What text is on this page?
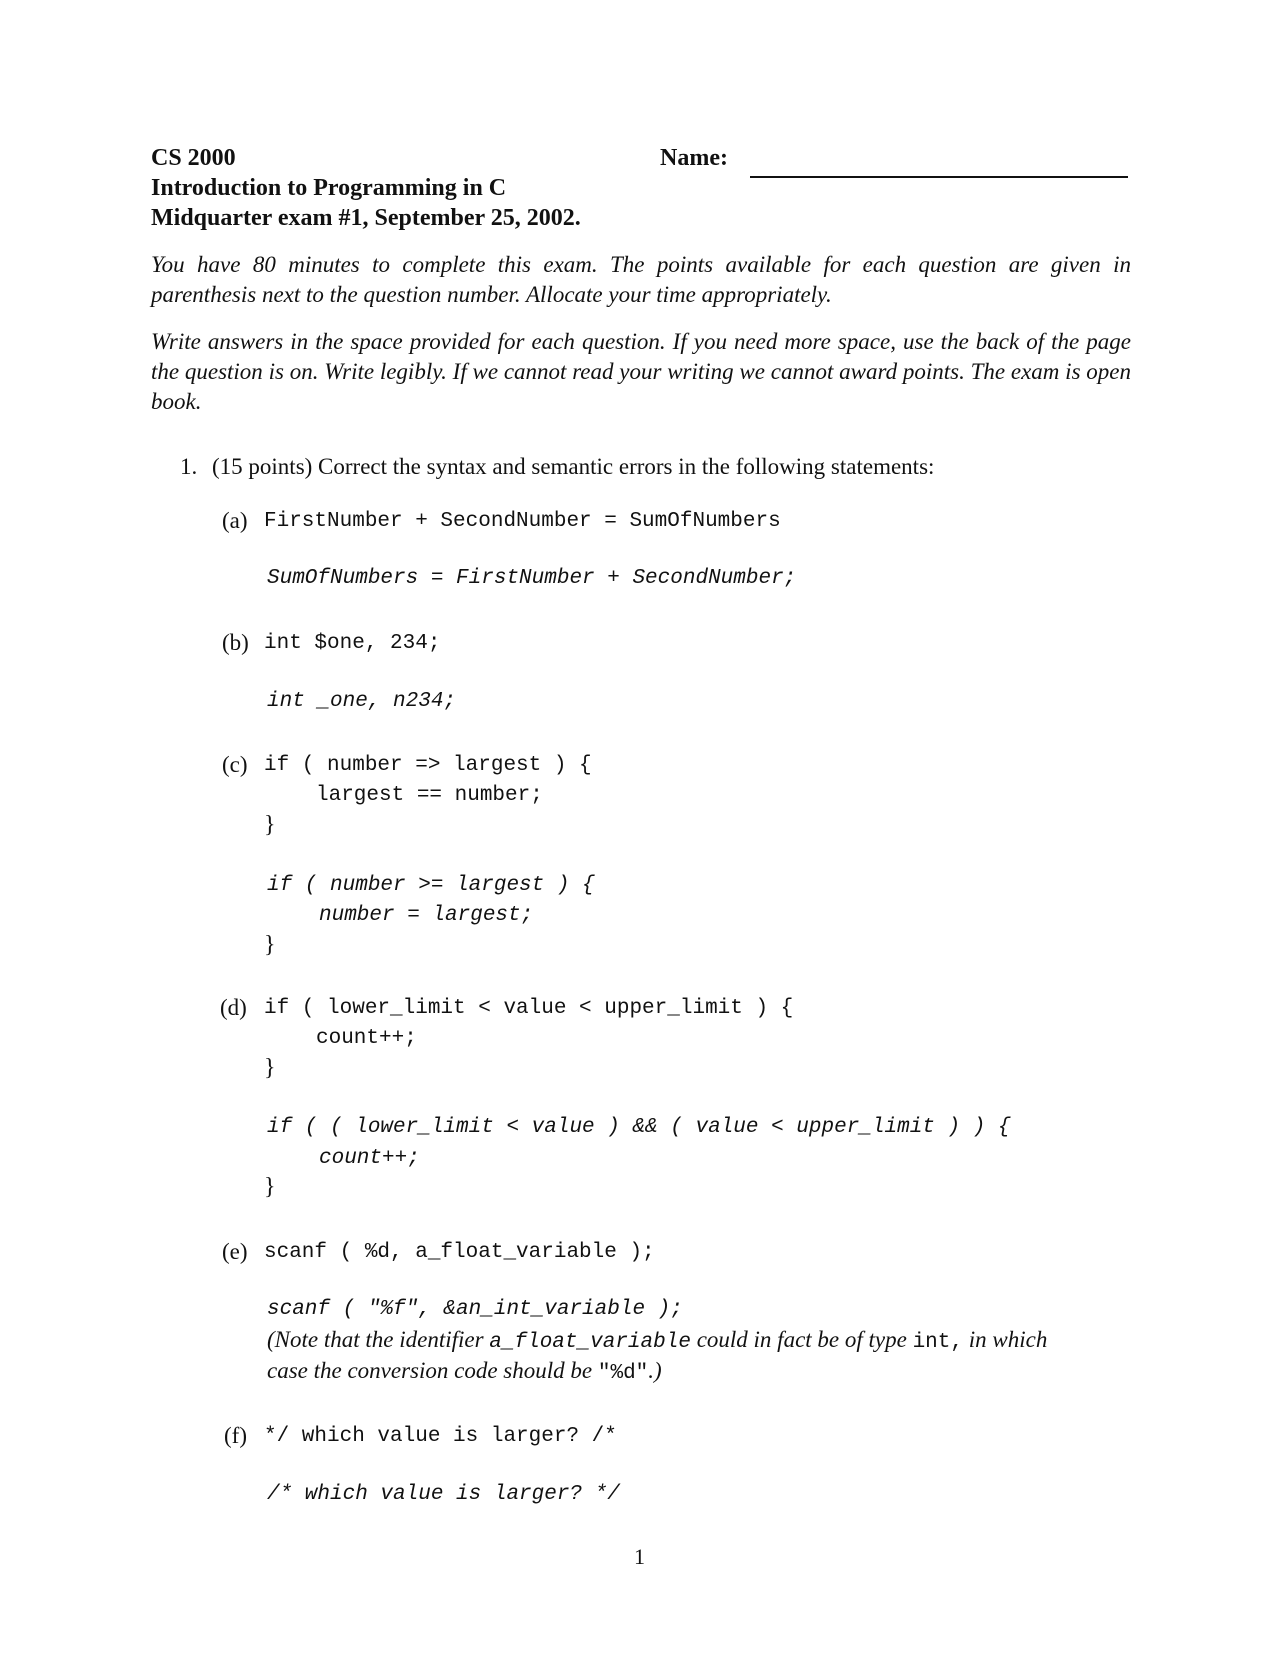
CS 2000	Name:
Introduction to Programming in C
Midquarter exam #1, September 25, 2002.
You have 80 minutes to complete this exam. The points available for each question are given in parenthesis next to the question number. Allocate your time appropriately.
Write answers in the space provided for each question. If you need more space, use the back of the page the question is on. Write legibly. If we cannot read your writing we cannot award points. The exam is open book.
1. (15 points) Correct the syntax and semantic errors in the following statements:
(a) FirstNumber + SecondNumber = SumOfNumbers
SumOfNumbers = FirstNumber + SecondNumber;
(b) int $one, 234;
int _one, n234;
(c) if ( number => largest ) {
largest == number;
}
if ( number >= largest ) {
number = largest;
}
(d) if ( lower_limit < value < upper_limit ) {
count++;
}
if ( ( lower_limit < value ) && ( value < upper_limit ) ) {
count++;
}
(e) scanf ( %d, a_float_variable );
scanf ( "%f", &an_int_variable );
(Note that the identifier a_float_variable could in fact be of type int, in which
case the conversion code should be "%d".)
(f) */ which value is larger? /*
/* which value is larger? */
1
